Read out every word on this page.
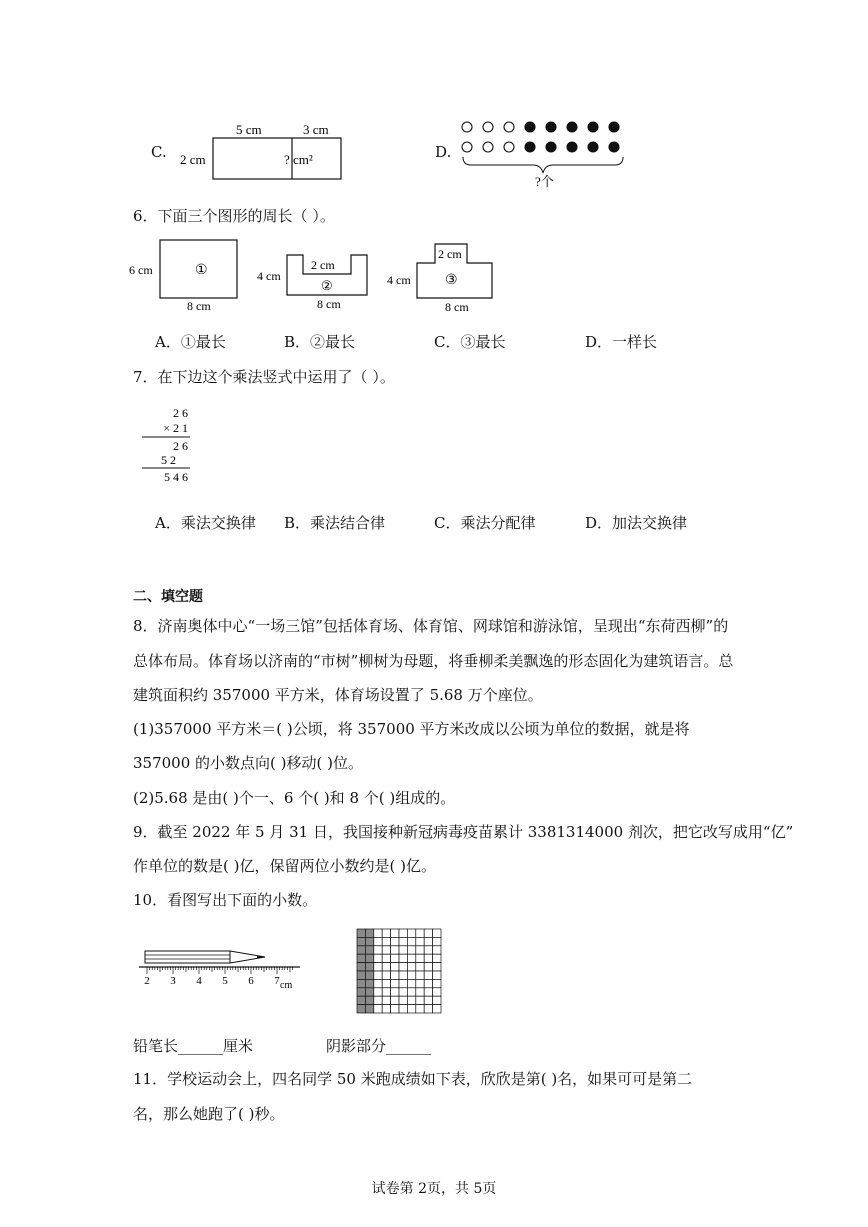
C.
5 cm	3 cm
2 cm	? cm²	D.
?个
6．下面三个图形的周长（ ）。
6 cm
8 cm
①	4 cm
2 cm
8 cm
②	4 cm
2 cm
8 cm
③
A．①最长	B．②最长	C．③最长	D．一样长
7．在下边这个乘法竖式中运用了（ ）。
2 6
× 2 1
2 6
5 2
5 4 6
A．乘法交换律 B．乘法结合律	C．乘法分配律	D．加法交换律
二、填空题
8．济南奥体中心“一场三馆”包括体育场、体育馆、网球馆和游泳馆，呈现出“东荷西柳”的
总体布局。体育场以济南的“市树”柳树为母题，将垂柳柔美飘逸的形态固化为建筑语言。总
建筑面积约 357000 平方米，体育场设置了 5.68 万个座位。
(1)357000 平方米＝( )公顷，将 357000 平方米改成以公顷为单位的数据，就是将
357000 的小数点向( )移动( )位。
(2)5.68 是由( )个一、6 个( )和 8 个( )组成的。
9．截至 2022 年 5 月 31 日，我国接种新冠病毒疫苗累计 3381314000 剂次，把它改写成用“亿”
作单位的数是( )亿，保留两位小数约是( )亿。
10．看图写出下面的小数。
2 3 4 5 6 7 cm
铅笔长______厘米	阴影部分______
11．学校运动会上，四名同学 50 米跑成绩如下表，欣欣是第( )名，如果可可是第二
名，那么她跑了( )秒。
试卷第 2页，共 5页
